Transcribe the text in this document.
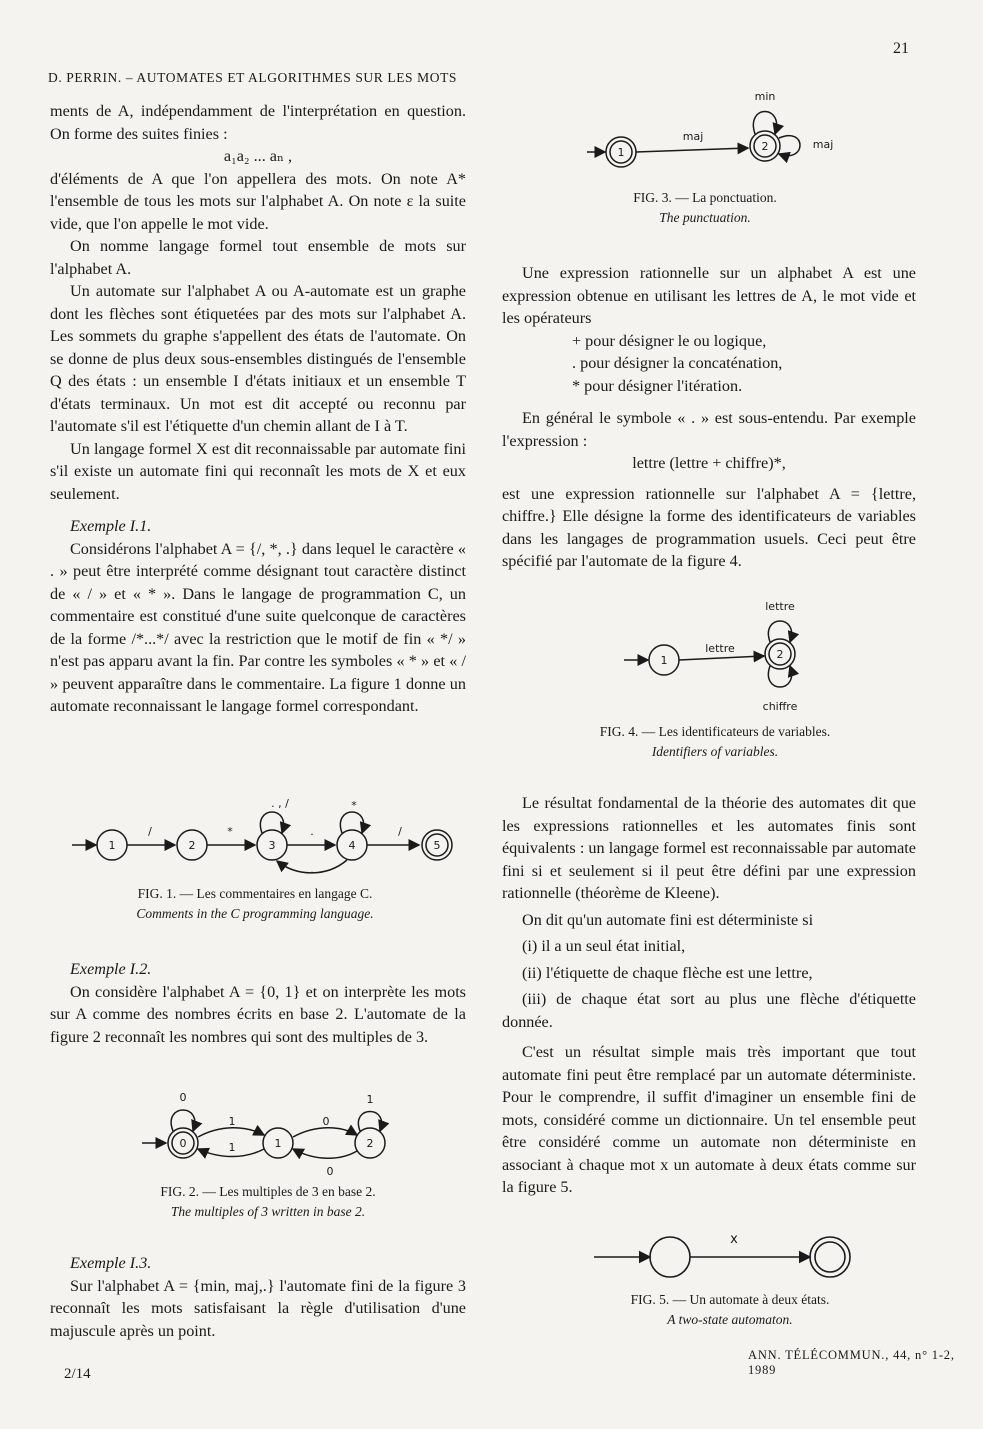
D. PERRIN. – AUTOMATES ET ALGORITHMES SUR LES MOTS
21

ments de A, indépendamment de l'interprétation en question. On forme des suites finies :

a₁a₂ ... aₙ ,

d'éléments de A que l'on appellera des mots. On note A* l'ensemble de tous les mots sur l'alphabet A. On note ε la suite vide, que l'on appelle le mot vide.

On nomme langage formel tout ensemble de mots sur l'alphabet A.

Un automate sur l'alphabet A ou A-automate est un graphe dont les flèches sont étiquetées par des mots sur l'alphabet A. Les sommets du graphe s'appellent des états de l'automate. On se donne de plus deux sous-ensembles distingués de l'ensemble Q des états : un ensemble I d'états initiaux et un ensemble T d'états terminaux. Un mot est dit accepté ou reconnu par l'automate s'il est l'étiquette d'un chemin allant de I à T.

Un langage formel X est dit reconnaissable par automate fini s'il existe un automate fini qui reconnaît les mots de X et eux seulement.

Exemple I.1.

Considérons l'alphabet A = {/, *, .} dans lequel le caractère « . » peut être interprété comme désignant tout caractère distinct de « / » et « * ». Dans le langage de programmation C, un commentaire est constitué d'une suite quelconque de caractères de la forme /*...*/ avec la restriction que le motif de fin « */ » n'est pas apparu avant la fin. Par contre les symboles « * » et « / » peuvent apparaître dans le commentaire. La figure 1 donne un automate reconnaissant le langage formel correspondant.

1	2	3	4	5
/	*
. , /
.
*
/
.
FIG. 1. — Les commentaires en langage C.
Comments in the C programming language.

Exemple I.2.

On considère l'alphabet A = {0, 1} et on interprète les mots sur A comme des nombres écrits en base 2. L'automate de la figure 2 reconnaît les nombres qui sont des multiples de 3.

0	1	2
0
1
1
0
0
1
FIG. 2. — Les multiples de 3 en base 2.
The multiples of 3 written in base 2.

Exemple I.3.

Sur l'alphabet A = {min, maj,.} l'automate fini de la figure 3 reconnaît les mots satisfaisant la règle d'utilisation d'une majuscule après un point.

1	2
maj
min
maj
FIG. 3. — La ponctuation.
The punctuation.

Une expression rationnelle sur un alphabet A est une expression obtenue en utilisant les lettres de A, le mot vide et les opérateurs

+ pour désigner le ou logique,

. pour désigner la concaténation,

* pour désigner l'itération.

En général le symbole « . » est sous-entendu. Par exemple l'expression :

lettre (lettre + chiffre)*,

est une expression rationnelle sur l'alphabet A = {lettre, chiffre.} Elle désigne la forme des identificateurs de variables dans les langages de programmation usuels. Ceci peut être spécifié par l'automate de la figure 4.

1	2
lettre
lettre
chiffre
FIG. 4. — Les identificateurs de variables.
Identifiers of variables.

Le résultat fondamental de la théorie des automates dit que les expressions rationnelles et les automates finis sont équivalents : un langage formel est reconnaissable par automate fini si et seulement si il peut être défini par une expression rationnelle (théorème de Kleene).

On dit qu'un automate fini est déterministe si

(i) il a un seul état initial,

(ii) l'étiquette de chaque flèche est une lettre,

(iii) de chaque état sort au plus une flèche d'étiquette donnée.

C'est un résultat simple mais très important que tout automate fini peut être remplacé par un automate déterministe. Pour le comprendre, il suffit d'imaginer un ensemble fini de mots, considéré comme un dictionnaire. Un tel ensemble peut être considéré comme un automate non déterministe en associant à chaque mot x un automate à deux états comme sur la figure 5.

x
FIG. 5. — Un automate à deux états.
A two-state automaton.
2/14
ANN. TÉLÉCOMMUN., 44, n° 1-2, 1989
